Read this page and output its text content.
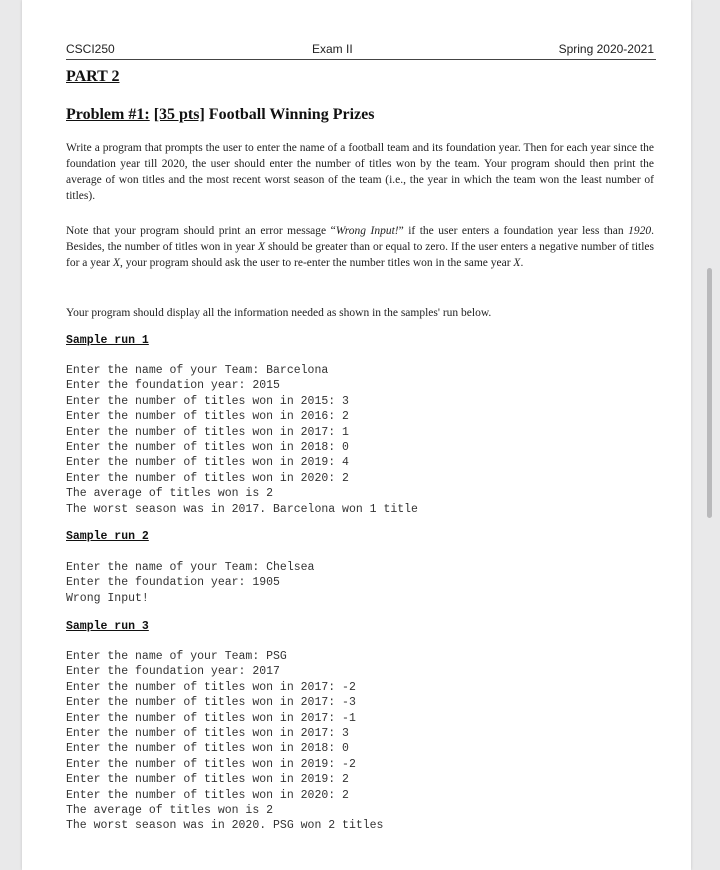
CSCI250	Exam II	Spring 2020-2021
PART 2
Problem #1: [35 pts] Football Winning Prizes

Write a program that prompts the user to enter the name of a football team and its foundation year. Then for each year since the foundation year till 2020, the user should enter the number of titles won by the team. Your program should then print the average of won titles and the most recent worst season of the team (i.e., the year in which the team won the least number of titles).

Note that your program should print an error message “Wrong Input!” if the user enters a foundation year less than 1920. Besides, the number of titles won in year X should be greater than or equal to zero. If the user enters a negative number of titles for a year X, your program should ask the user to re-enter the number titles won in the same year X.

Your program should display all the information needed as shown in the samples' run below.

Sample run 1
Enter the name of your Team: Barcelona
Enter the foundation year: 2015
Enter the number of titles won in 2015: 3
Enter the number of titles won in 2016: 2
Enter the number of titles won in 2017: 1
Enter the number of titles won in 2018: 0
Enter the number of titles won in 2019: 4
Enter the number of titles won in 2020: 2
The average of titles won is 2
The worst season was in 2017. Barcelona won 1 title
Sample run 2
Enter the name of your Team: Chelsea
Enter the foundation year: 1905
Wrong Input!
Sample run 3
Enter the name of your Team: PSG
Enter the foundation year: 2017
Enter the number of titles won in 2017: -2
Enter the number of titles won in 2017: -3
Enter the number of titles won in 2017: -1
Enter the number of titles won in 2017: 3
Enter the number of titles won in 2018: 0
Enter the number of titles won in 2019: -2
Enter the number of titles won in 2019: 2
Enter the number of titles won in 2020: 2
The average of titles won is 2
The worst season was in 2020. PSG won 2 titles
